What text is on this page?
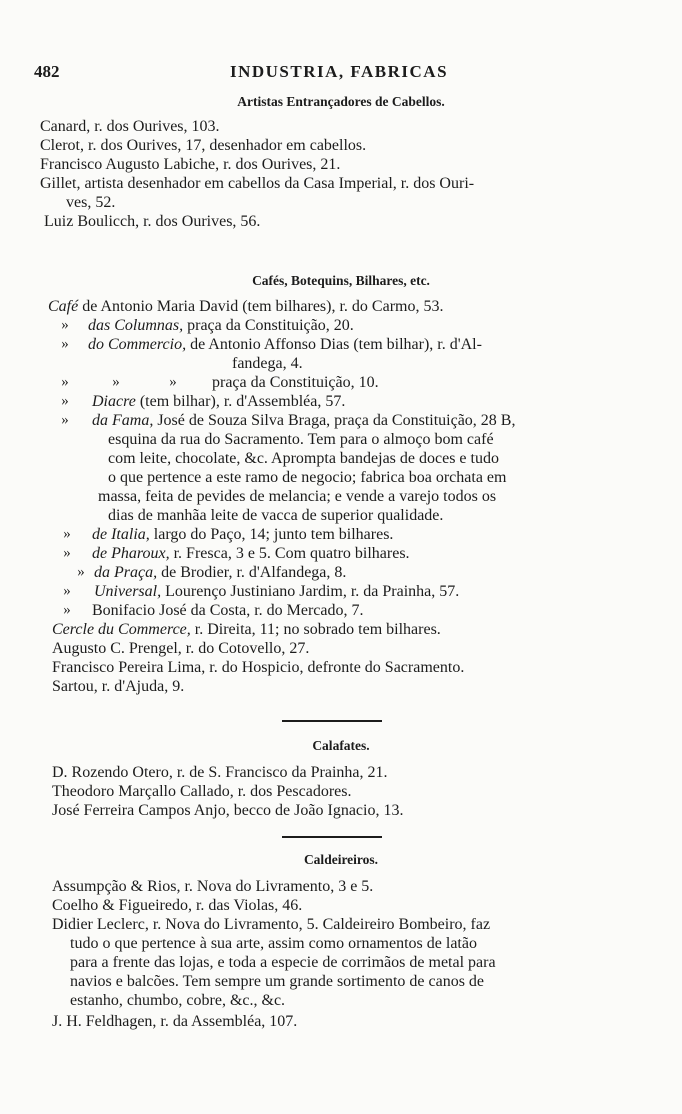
482	INDUSTRIA, FABRICAS
Artistas Entrançadores de Cabellos.
Canard, r. dos Ourives, 103.
Clerot, r. dos Ourives, 17, desenhador em cabellos.
Francisco Augusto Labiche, r. dos Ourives, 21.
Gillet, artista desenhador em cabellos da Casa Imperial, r. dos Ouri-
ves, 52.
Luiz Boulicch, r. dos Ourives, 56.
Cafés, Botequins, Bilhares, etc.
Café de Antonio Maria David (tem bilhares), r. do Carmo, 53.
»	das Columnas, praça da Constituição, 20.
»	do Commercio, de Antonio Affonso Dias (tem bilhar), r. d'Al-
fandega, 4.
»	»	»	praça da Constituição, 10.
»	Diacre (tem bilhar), r. d'Assembléa, 57.
»	da Fama, José de Souza Silva Braga, praça da Constituição, 28 B,
esquina da rua do Sacramento. Tem para o almoço bom café
com leite, chocolate, &c. Apromptа bandejas de doces e tudo
o que pertence a este ramo de negocio; fabrica boa orchata em
massa, feita de pevides de melancia; e vende a varejo todos os
dias de manhãa leite de vacca de superior qualidade.
»	de Italia, largo do Paço, 14; junto tem bilhares.
»	de Pharoux, r. Fresca, 3 e 5. Com quatro bilhares.
» da Praça, de Brodier, r. d'Alfandega, 8.
»	Universal, Lourenço Justiniano Jardim, r. da Prainha, 57.
»	Bonifacio José da Costa, r. do Mercado, 7.
Cercle du Commerce, r. Direita, 11; no sobrado tem bilhares.
Augusto C. Prengel, r. do Cotovello, 27.
Francisco Pereira Lima, r. do Hospicio, defronte do Sacramento.
Sartou, r. d'Ajuda, 9.
Calafates.
D. Rozendo Otero, r. de S. Francisco da Prainha, 21.
Theodoro Marçallo Callado, r. dos Pescadores.
José Ferreira Campos Anjo, becco de João Ignacio, 13.
Caldeireiros.
Assumpção & Rios, r. Nova do Livramento, 3 e 5.
Coelho & Figueiredo, r. das Violas, 46.
Didier Leclerc, r. Nova do Livramento, 5. Caldeireiro Bombeiro, faz
tudo o que pertence à sua arte, assim como ornamentos de latão
para a frente das lojas, e toda a especie de corrimãos de metal para
navios e balcões. Tem sempre um grande sortimento de canos de
estanho, chumbo, cobre, &c., &c.
J. H. Feldhagen, r. da Assembléa, 107.
